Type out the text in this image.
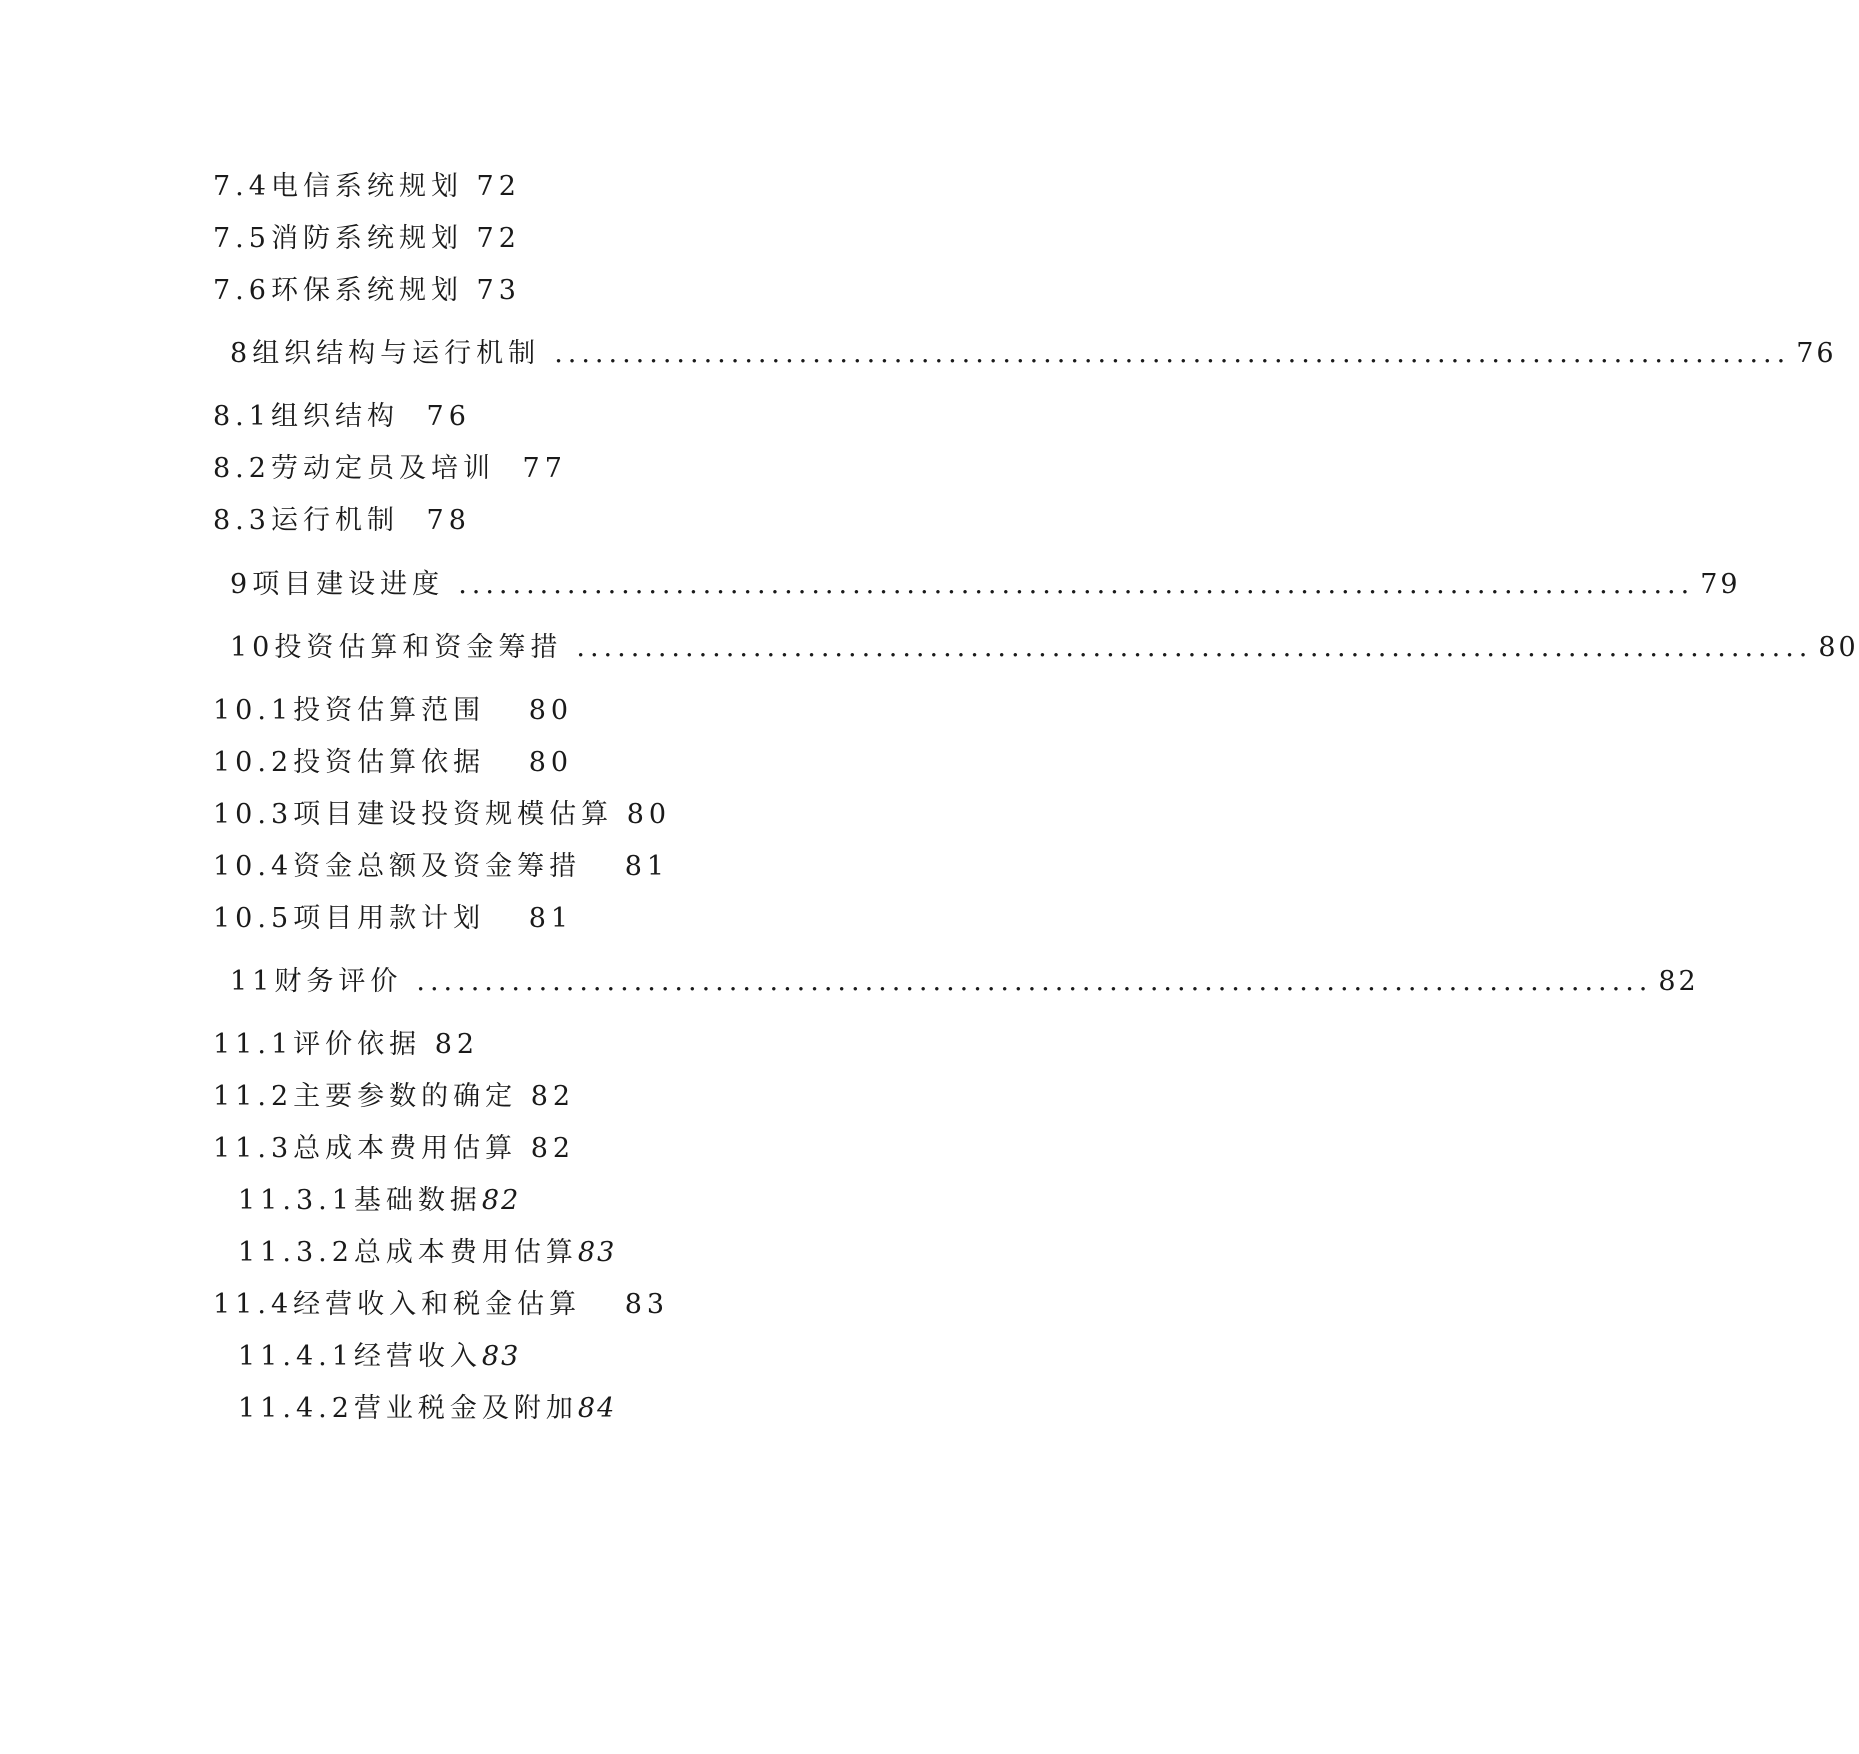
7.4电信系统规划 72
7.5消防系统规划 72
7.6环保系统规划 73
8组织结构与运行机制 ........................................................................................... 76
8.1组织结构 76
8.2劳动定员及培训 77
8.3运行机制 78
9项目建设进度 ........................................................................................... 79
10投资估算和资金筹措 ........................................................................................... 80
10.1投资估算范围 80
10.2投资估算依据 80
10.3项目建设投资规模估算 80
10.4资金总额及资金筹措 81
10.5项目用款计划 81
11财务评价 ........................................................................................... 82
11.1评价依据 82
11.2主要参数的确定 82
11.3总成本费用估算 82
11.3.1基础数据82
11.3.2总成本费用估算83
11.4经营收入和税金估算 83
11.4.1经营收入83
11.4.2营业税金及附加84
